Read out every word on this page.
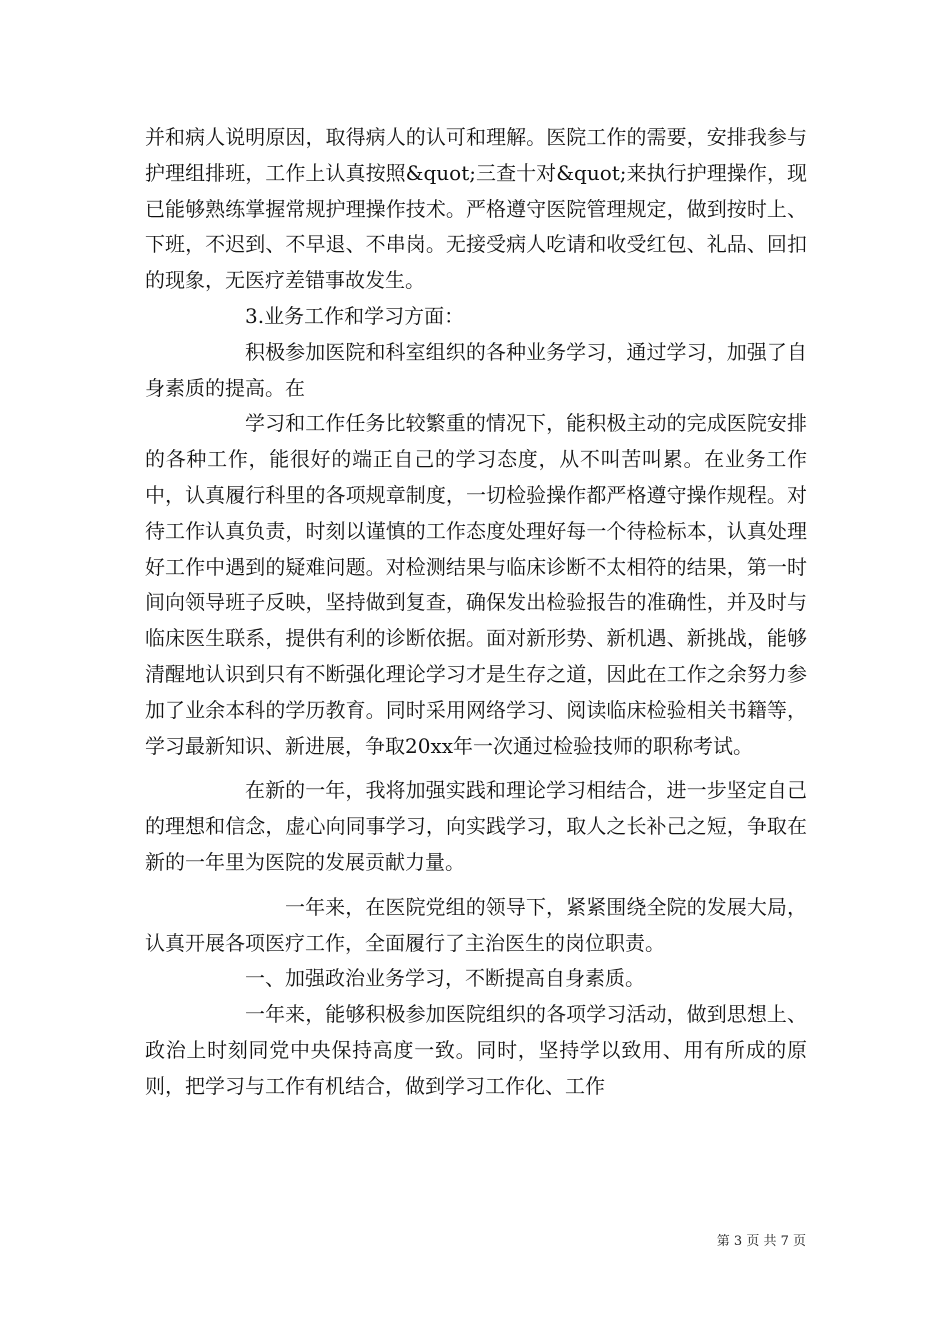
并和病人说明原因，取得病人的认可和理解。医院工作的需要，安排我参与护理组排班，工作上认真按照&quot;三查十对&quot;来执行护理操作，现已能够熟练掌握常规护理操作技术。严格遵守医院管理规定，做到按时上、下班，不迟到、不早退、不串岗。无接受病人吃请和收受红包、礼品、回扣的现象，无医疗差错事故发生。

3.业务工作和学习方面：

积极参加医院和科室组织的各种业务学习，通过学习，加强了自身素质的提高。在

学习和工作任务比较繁重的情况下，能积极主动的完成医院安排的各种工作，能很好的端正自己的学习态度，从不叫苦叫累。在业务工作中，认真履行科里的各项规章制度，一切检验操作都严格遵守操作规程。对待工作认真负责，时刻以谨慎的工作态度处理好每一个待检标本，认真处理好工作中遇到的疑难问题。对检测结果与临床诊断不太相符的结果，第一时间向领导班子反映，坚持做到复查，确保发出检验报告的准确性，并及时与临床医生联系，提供有利的诊断依据。面对新形势、新机遇、新挑战，能够清醒地认识到只有不断强化理论学习才是生存之道，因此在工作之余努力参加了业余本科的学历教育。同时采用网络学习、阅读临床检验相关书籍等，学习最新知识、新进展，争取20xx年一次通过检验技师的职称考试。

在新的一年，我将加强实践和理论学习相结合，进一步坚定自己的理想和信念，虚心向同事学习，向实践学习，取人之长补己之短，争取在新的一年里为医院的发展贡献力量。

一年来，在医院党组的领导下，紧紧围绕全院的发展大局，认真开展各项医疗工作，全面履行了主治医生的岗位职责。

一、加强政治业务学习，不断提高自身素质。

一年来，能够积极参加医院组织的各项学习活动，做到思想上、政治上时刻同党中央保持高度一致。同时，坚持学以致用、用有所成的原则，把学习与工作有机结合，做到学习工作化、工作

第 3 页 共 7 页
